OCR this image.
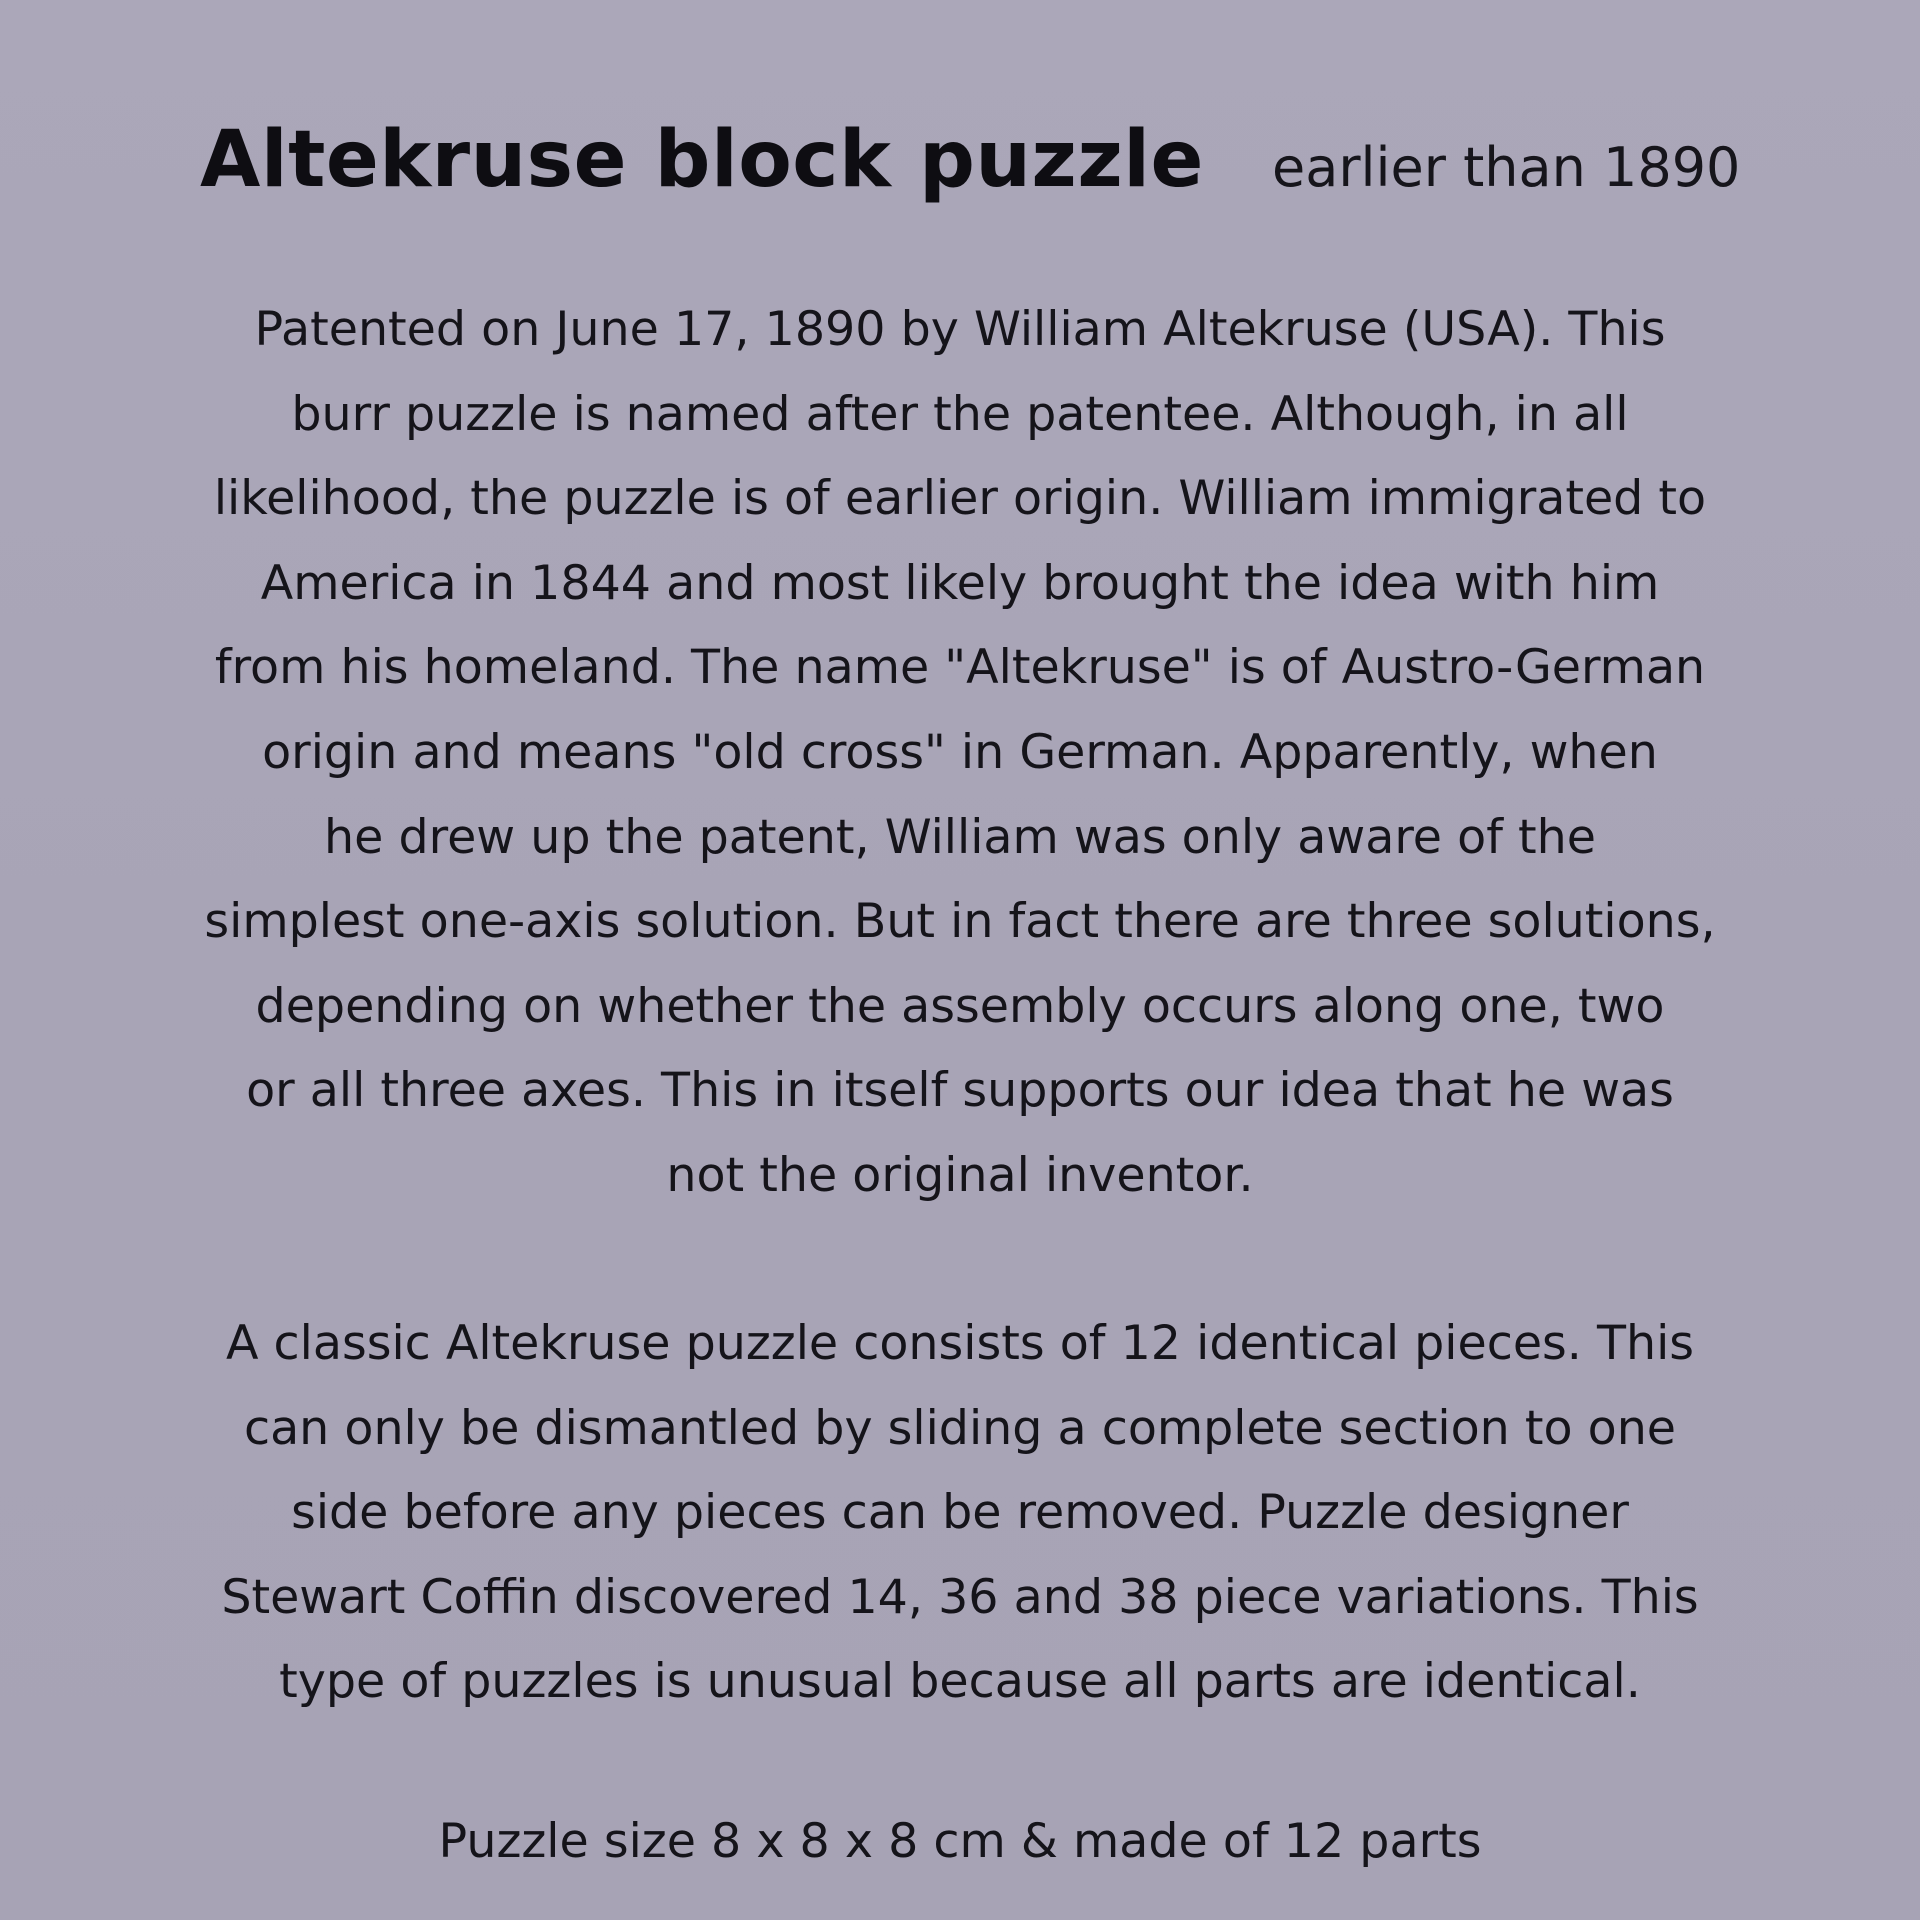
Altekruse block puzzle earlier than 1890

Patented on June 17, 1890 by William Altekruse (USA). This
burr puzzle is named after the patentee. Although, in all
likelihood, the puzzle is of earlier origin. William immigrated to
America in 1844 and most likely brought the idea with him
from his homeland. The name "Altekruse" is of Austro-German
origin and means "old cross" in German. Apparently, when
he drew up the patent, William was only aware of the
simplest one-axis solution. But in fact there are three solutions,
depending on whether the assembly occurs along one, two
or all three axes. This in itself supports our idea that he was
not the original inventor.

A classic Altekruse puzzle consists of 12 identical pieces. This
can only be dismantled by sliding a complete section to one
side before any pieces can be removed. Puzzle designer
Stewart Coffin discovered 14, 36 and 38 piece variations. This
type of puzzles is unusual because all parts are identical.

Puzzle size 8 x 8 x 8 cm & made of 12 parts
